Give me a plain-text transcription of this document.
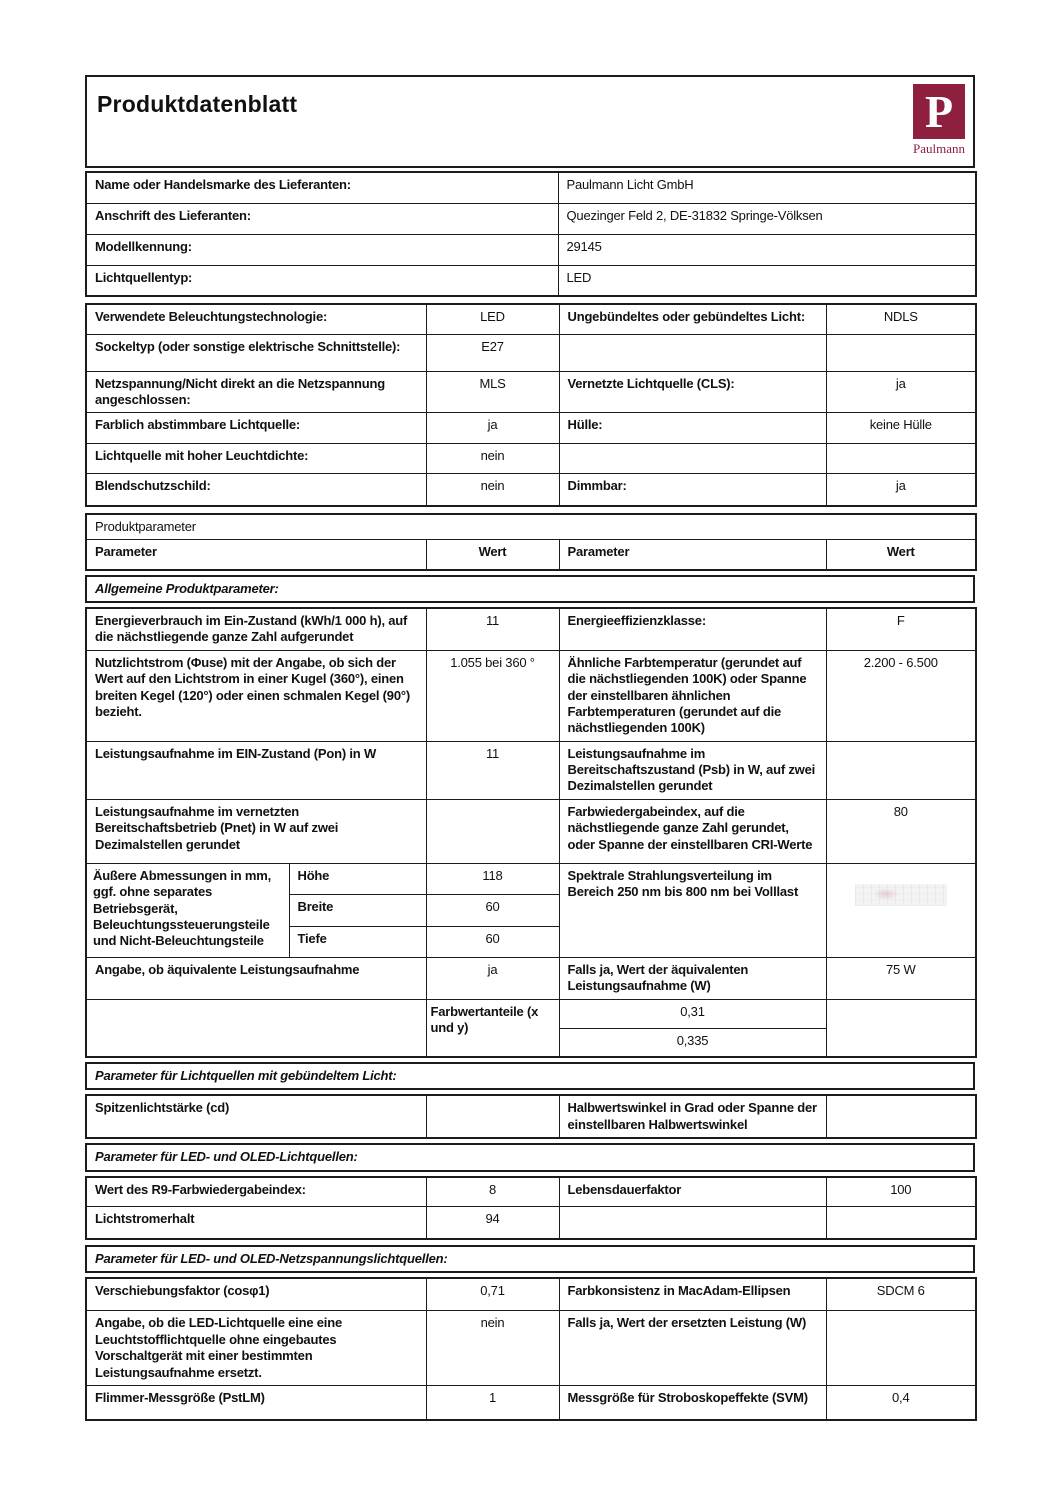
Produktdatenblatt	P
Paulmann
Name oder Handelsmarke des Lieferanten:	Paulmann Licht GmbH
Anschrift des Lieferanten:	Quezinger Feld 2, DE-31832 Springe-Völksen
Modellkennung:	29145
Lichtquellentyp:	LED
Verwendete Beleuchtungstechnologie:	LED	Ungebündeltes oder gebündeltes Licht:	NDLS
Sockeltyp (oder sonstige elektrische Schnittstelle):	E27		
Netzspannung/Nicht direkt an die Netzspannung angeschlossen:	MLS	Vernetzte Lichtquelle (CLS):	ja
Farblich abstimmbare Lichtquelle:	ja	Hülle:	keine Hülle
Lichtquelle mit hoher Leuchtdichte:	nein		
Blendschutzschild:	nein	Dimmbar:	ja
Produktparameter
Parameter	Wert	Parameter	Wert
Allgemeine Produktparameter:
Energieverbrauch im Ein-Zustand (kWh/1 000 h), auf die nächstliegende ganze Zahl aufgerundet		11	Energieeffizienzklasse:	F
Nutzlichtstrom (Φuse) mit der Angabe, ob sich der Wert auf den Lichtstrom in einer Kugel (360°), einen breiten Kegel (120°) oder einen schmalen Kegel (90°) bezieht.		1.055 bei 360 °	Ähnliche Farbtemperatur (gerundet auf die nächstliegenden 100K) oder Spanne der einstellbaren ähnlichen Farbtemperaturen (gerundet auf die nächstliegenden 100K)	2.200 - 6.500
Leistungsaufnahme im EIN-Zustand (Pon) in W		11	Leistungsaufnahme im Bereitschaftszustand (Psb) in W, auf zwei Dezimalstellen gerundet	
Leistungsaufnahme im vernetzten Bereitschaftsbetrieb (Pnet) in W auf zwei Dezimalstellen gerundet			Farbwiedergabeindex, auf die nächstliegende ganze Zahl gerundet, oder Spanne der einstellbaren CRI-Werte	80
Äußere Abmessungen in mm, ggf. ohne separates Betriebsgerät, Beleuchtungssteuerungsteile und Nicht-Beleuchtungsteile	Höhe	118	Spektrale Strahlungsverteilung im Bereich 250 nm bis 800 nm bei Volllast	

	Breite	60		
	Tiefe	60		
Angabe, ob äquivalente Leistungsaufnahme		ja	Falls ja, Wert der äquivalenten Leistungsaufnahme (W)	75 W
		Farbwertanteile (x und y)	0,31	
			0,335	
Parameter für Lichtquellen mit gebündeltem Licht:
Spitzenlichtstärke (cd)		Halbwertswinkel in Grad oder Spanne der einstellbaren Halbwertswinkel	
Parameter für LED- und OLED-Lichtquellen:
Wert des R9-Farbwiedergabeindex:	8	Lebensdauerfaktor	100
Lichtstromerhalt	94		
Parameter für LED- und OLED-Netzspannungslichtquellen:
Verschiebungsfaktor (cosφ1)	0,71	Farbkonsistenz in MacAdam-Ellipsen	SDCM 6
Angabe, ob die LED-Lichtquelle eine eine Leuchtstofflichtquelle ohne eingebautes Vorschaltgerät mit einer bestimmten Leistungsaufnahme ersetzt.	nein	Falls ja, Wert der ersetzten Leistung (W)	
Flimmer-Messgröße (PstLM)	1	Messgröße für Stroboskopeffekte (SVM)	0,4
